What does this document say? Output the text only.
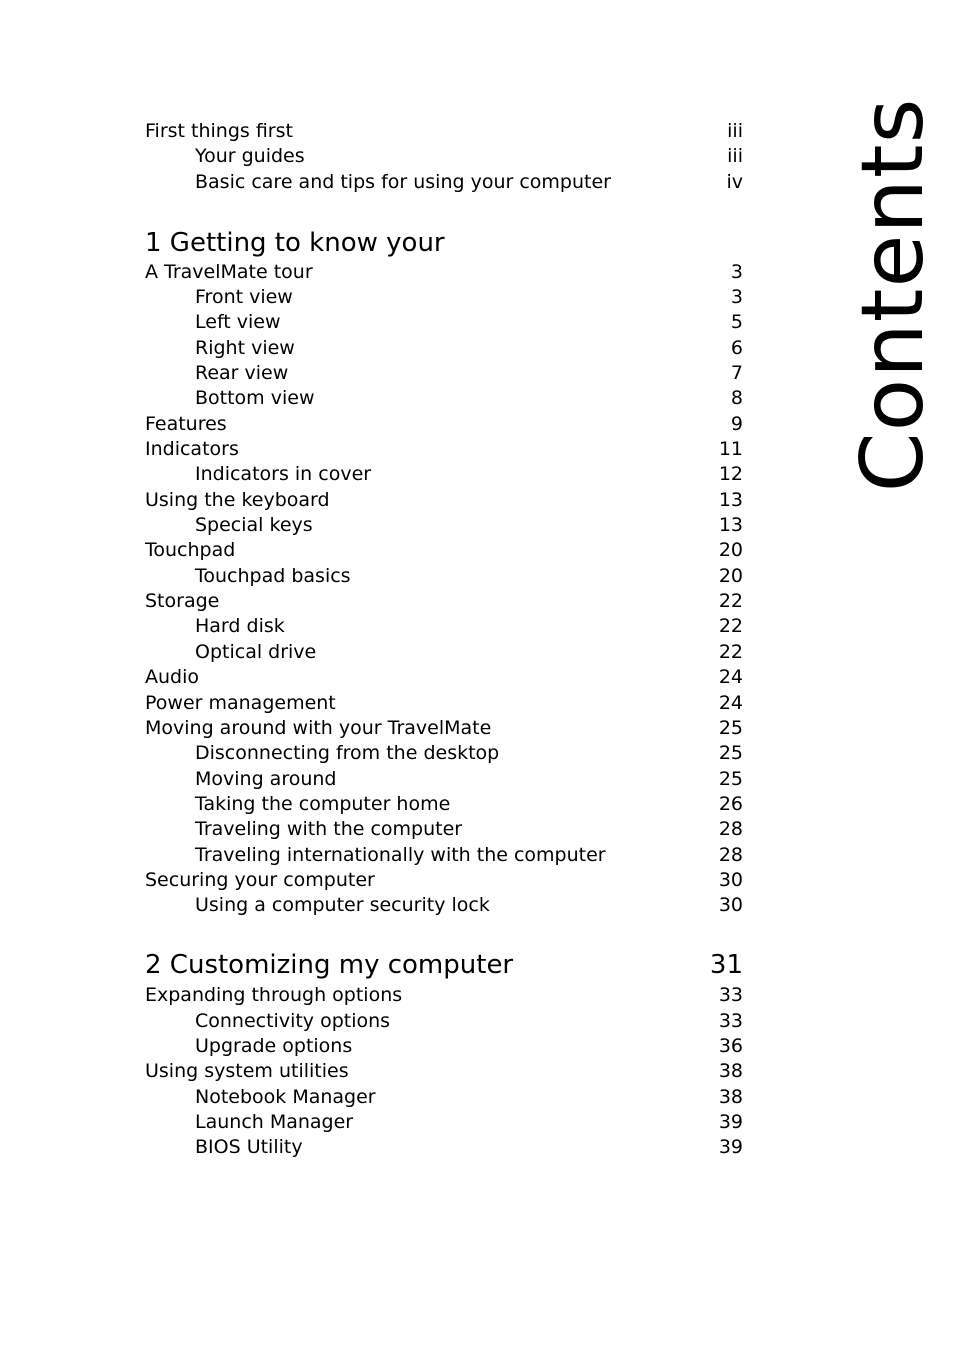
First things first	iii
Your guides	iii
Basic care and tips for using your computer	iv
1 Getting to know your
A TravelMate tour	3
Front view	3
Left view	5
Right view	6
Rear view	7
Bottom view	8
Features	9
Indicators	11
Indicators in cover	12
Using the keyboard	13
Special keys	13
Touchpad	20
Touchpad basics	20
Storage	22
Hard disk	22
Optical drive	22
Audio	24
Power management	24
Moving around with your TravelMate	25
Disconnecting from the desktop	25
Moving around	25
Taking the computer home	26
Traveling with the computer	28
Traveling internationally with the computer	28
Securing your computer	30
Using a computer security lock	30
2 Customizing my computer	31
Expanding through options	33
Connectivity options	33
Upgrade options	36
Using system utilities	38
Notebook Manager	38
Launch Manager	39
BIOS Utility	39
Contents
